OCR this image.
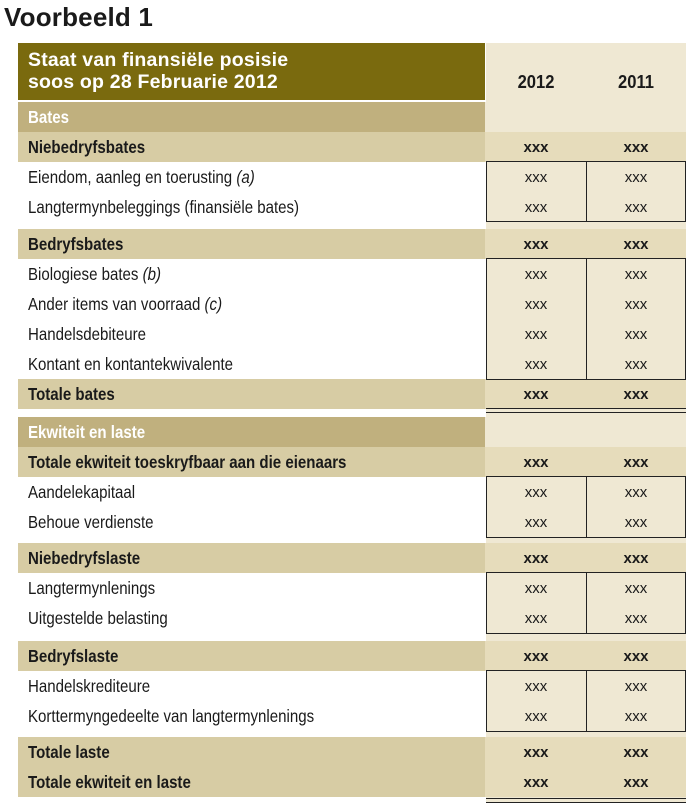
Voorbeeld 1
Staat van finansiële posisie
soos op 28 Februarie 2012	2012	2011
Bates
Niebedryfsbates	xxx	xxx
Eiendom, aanleg en toerusting (a)	xxx	xxx
Langtermynbeleggings (finansiële bates)	xxx	xxx
Bedryfsbates	xxx	xxx
Biologiese bates (b)	xxx	xxx
Ander items van voorraad (c)	xxx	xxx
Handelsdebiteure	xxx	xxx
Kontant en kontantekwivalente	xxx	xxx
Totale bates	xxx	xxx
Ekwiteit en laste
Totale ekwiteit toeskryfbaar aan die eienaars	xxx	xxx
Aandelekapitaal	xxx	xxx
Behoue verdienste	xxx	xxx
Niebedryfslaste	xxx	xxx
Langtermynlenings	xxx	xxx
Uitgestelde belasting	xxx	xxx
Bedryfslaste	xxx	xxx
Handelskrediteure	xxx	xxx
Korttermyngedeelte van langtermynlenings	xxx	xxx
Totale laste	xxx	xxx
Totale ekwiteit en laste	xxx	xxx
